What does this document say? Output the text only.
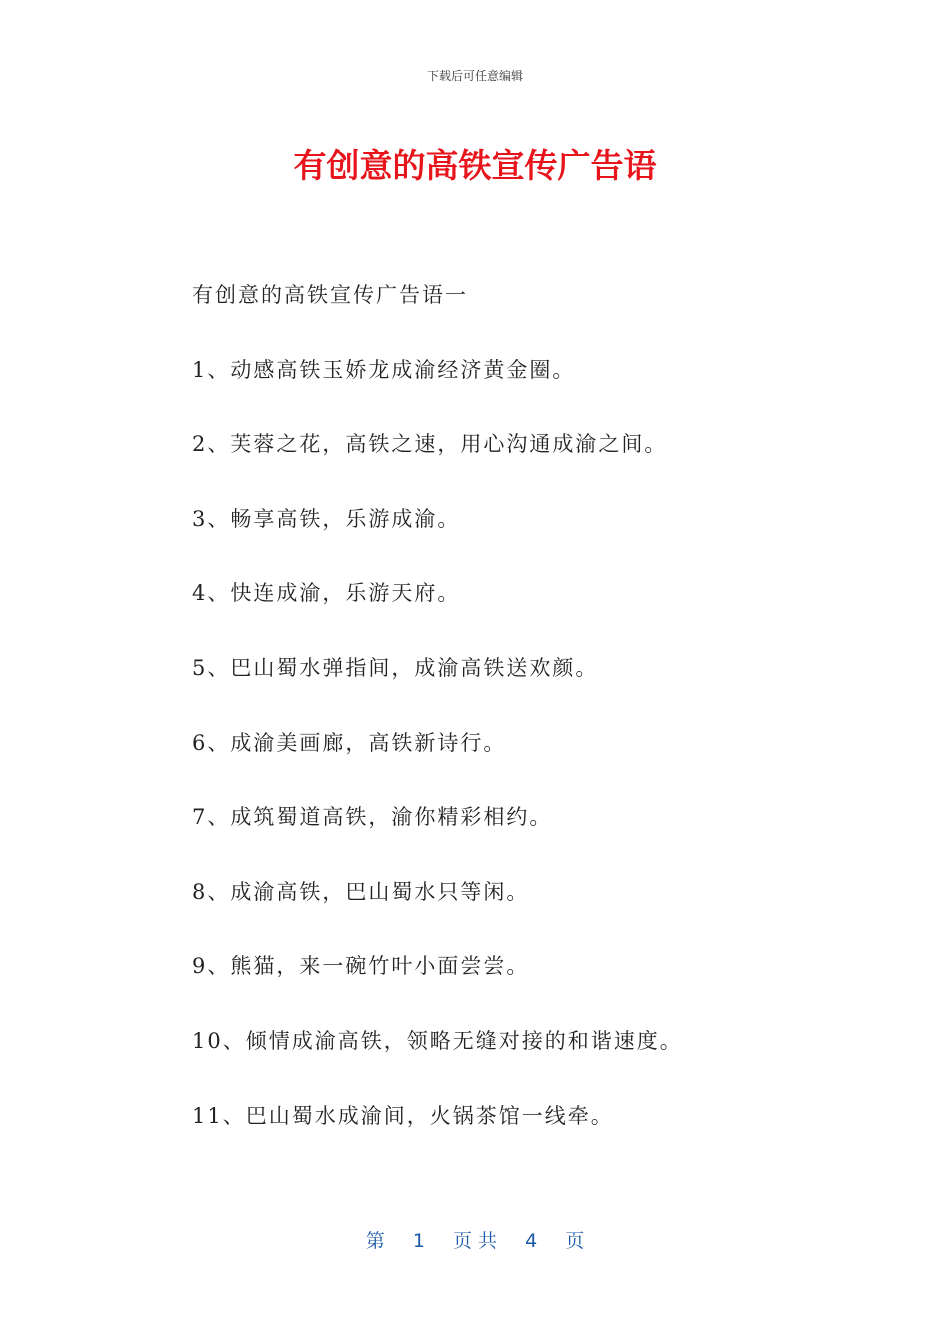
下载后可任意编辑
有创意的高铁宣传广告语
有创意的高铁宣传广告语一
1、动感高铁玉娇龙成渝经济黄金圈。
2、芙蓉之花，高铁之速，用心沟通成渝之间。
3、畅享高铁，乐游成渝。
4、快连成渝，乐游天府。
5、巴山蜀水弹指间，成渝高铁送欢颜。
6、成渝美画廊，高铁新诗行。
7、成筑蜀道高铁，渝你精彩相约。
8、成渝高铁，巴山蜀水只等闲。
9、熊猫，来一碗竹叶小面尝尝。
10、倾情成渝高铁，领略无缝对接的和谐速度。
11、巴山蜀水成渝间，火锅茶馆一线牵。
第 1 页 共 4 页
